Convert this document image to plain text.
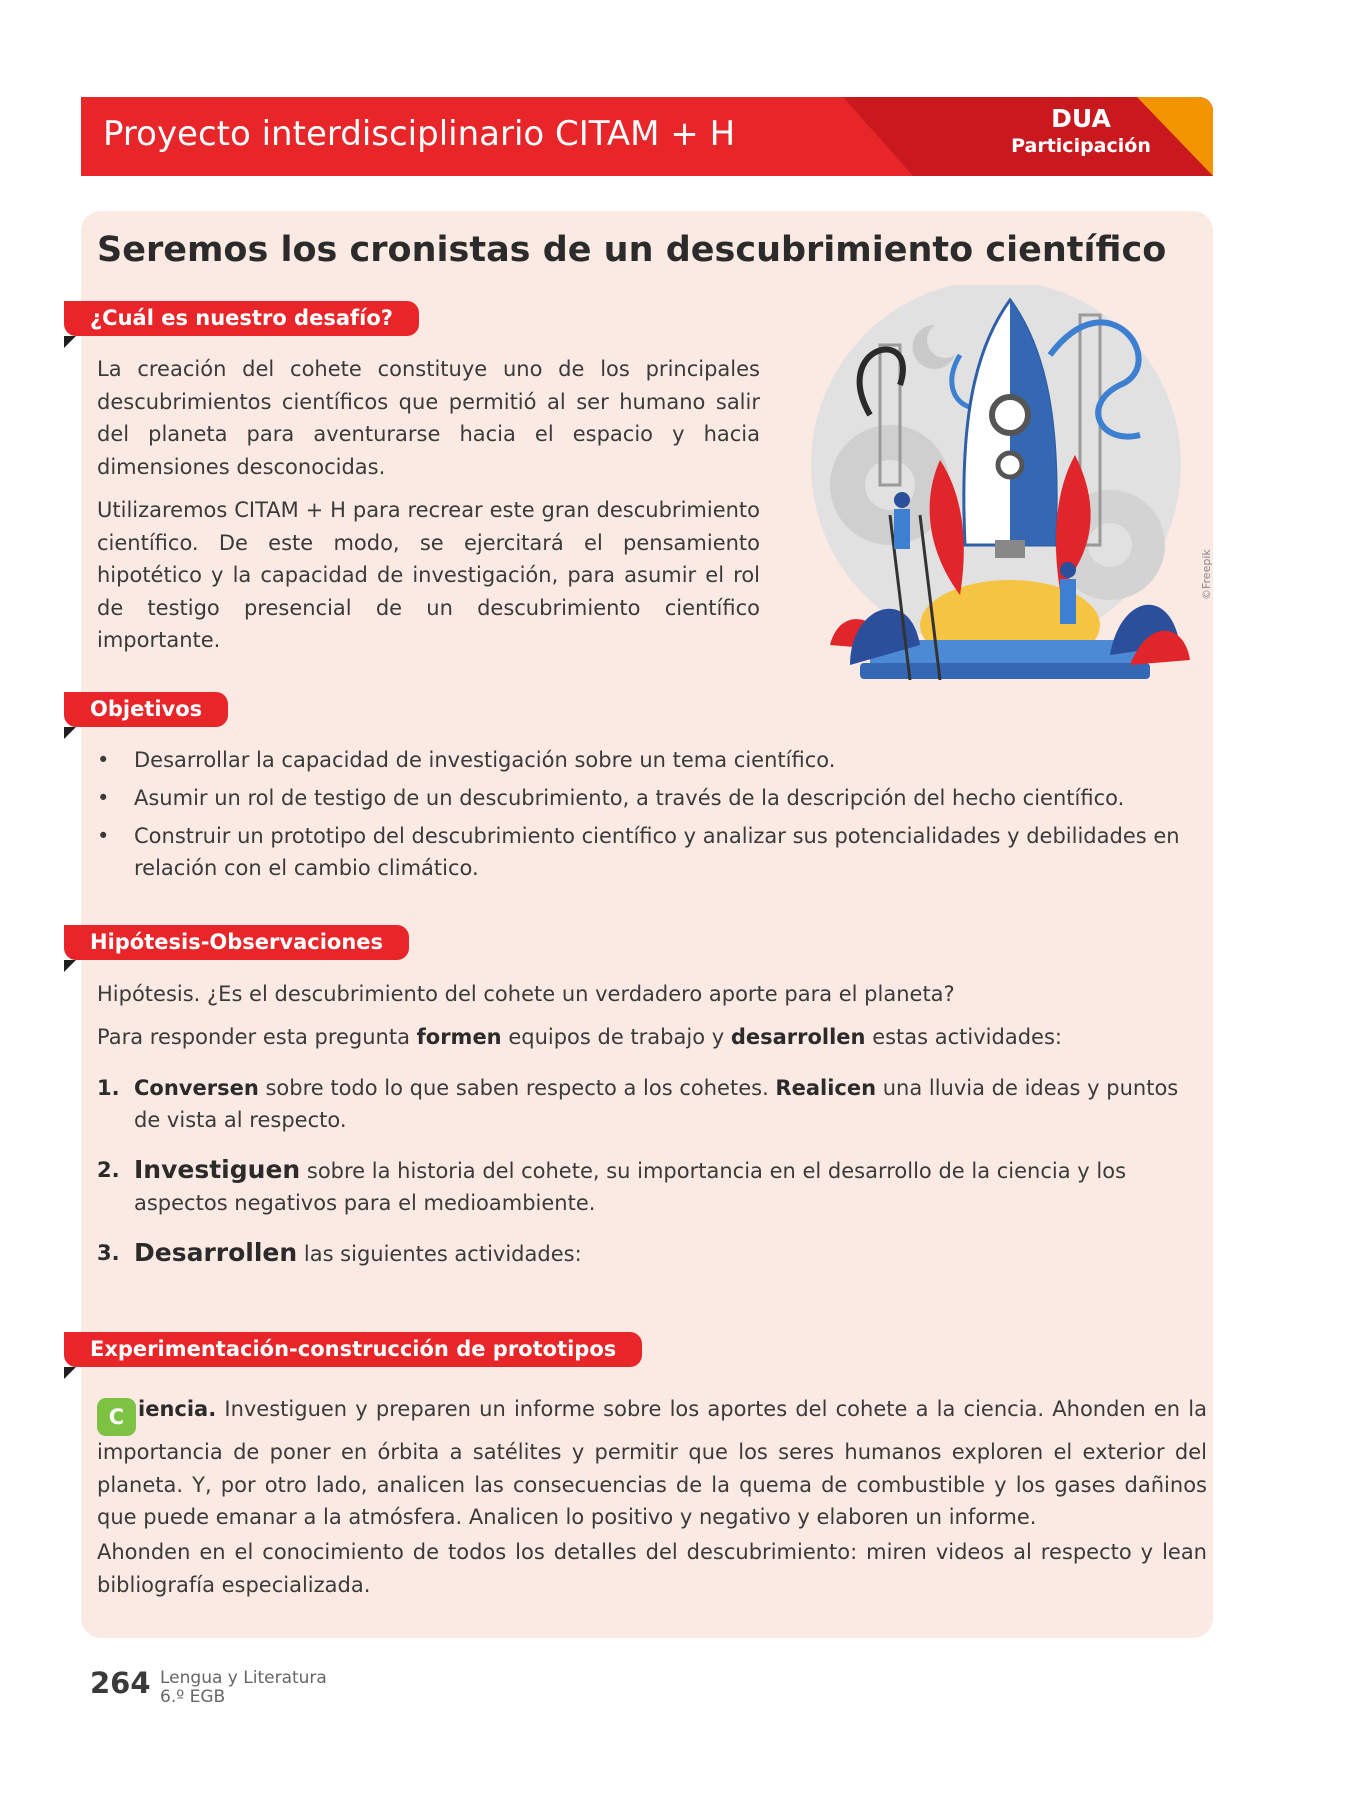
Proyecto interdisciplinario CITAM + H	DUA
Participación
Seremos los cronistas de un descubrimiento científico
¿Cuál es nuestro desafío?
La creación del cohete constituye uno de los principales descubrimientos científicos que permitió al ser humano salir del planeta para aventurarse hacia el espacio y hacia dimensiones desconocidas.
Utilizaremos CITAM + H para recrear este gran descubrimiento científico. De este modo, se ejercitará el pensamiento hipotético y la capacidad de investigación, para asumir el rol de testigo presencial de un descubrimiento científico importante.
©Freepik
Objetivos
• Desarrollar la capacidad de investigación sobre un tema científico.
• Asumir un rol de testigo de un descubrimiento, a través de la descripción del hecho científico.
• Construir un prototipo del descubrimiento científico y analizar sus potencialidades y debilidades en relación con el cambio climático.
Hipótesis-Observaciones
Hipótesis. ¿Es el descubrimiento del cohete un verdadero aporte para el planeta?
Para responder esta pregunta formen equipos de trabajo y desarrollen estas actividades:
1. Conversen sobre todo lo que saben respecto a los cohetes. Realicen una lluvia de ideas y puntos de vista al respecto.
2. Investiguen sobre la historia del cohete, su importancia en el desarrollo de la ciencia y los aspectos negativos para el medioambiente.
3. Desarrollen las siguientes actividades:
Experimentación-construcción de prototipos
C iencia. Investiguen y preparen un informe sobre los aportes del cohete a la ciencia. Ahonden en la importancia de poner en órbita a satélites y permitir que los seres humanos exploren el exterior del planeta. Y, por otro lado, analicen las consecuencias de la quema de combustible y los gases dañinos que puede emanar a la atmósfera. Analicen lo positivo y negativo y elaboren un informe.
Ahonden en el conocimiento de todos los detalles del descubrimiento: miren videos al respecto y lean bibliografía especializada.
264 Lengua y Literatura
6.º EGB
